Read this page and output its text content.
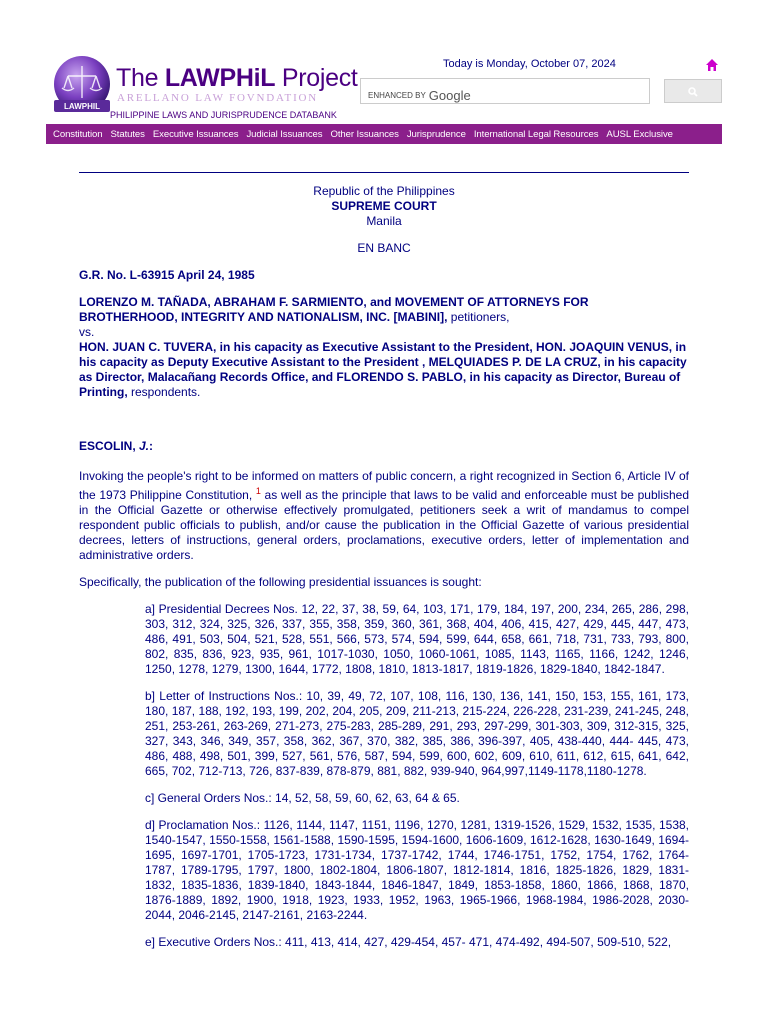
LAWPHIL
The LAWPHiL Project
ARELLANO LAW FOVNDATION
PHILIPPINE LAWS AND JURISPRUDENCE DATABANK
Today is Monday, October 07, 2024
ENHANCED BY Google
Constitution Statutes Executive Issuances Judicial Issuances Other Issuances Jurisprudence International Legal Resources AUSL Exclusive
Republic of the Philippines
SUPREME COURT
Manila
EN BANC
G.R. No. L-63915 April 24, 1985
LORENZO M. TAÑADA, ABRAHAM F. SARMIENTO, and MOVEMENT OF ATTORNEYS FOR BROTHERHOOD, INTEGRITY AND NATIONALISM, INC. [MABINI], petitioners,
vs.
HON. JUAN C. TUVERA, in his capacity as Executive Assistant to the President, HON. JOAQUIN VENUS, in his capacity as Deputy Executive Assistant to the President , MELQUIADES P. DE LA CRUZ, in his capacity as Director, Malacañang Records Office, and FLORENDO S. PABLO, in his capacity as Director, Bureau of Printing, respondents.
ESCOLIN, J.:

Invoking the people's right to be informed on matters of public concern, a right recognized in Section 6, Article IV of the 1973 Philippine Constitution, $^1$ as well as the principle that laws to be valid and enforceable must be published in the Official Gazette or otherwise effectively promulgated, petitioners seek a writ of mandamus to compel respondent public officials to publish, and/or cause the publication in the Official Gazette of various presidential decrees, letters of instructions, general orders, proclamations, executive orders, letter of implementation and administrative orders.

Specifically, the publication of the following presidential issuances is sought:

a] Presidential Decrees Nos. 12, 22, 37, 38, 59, 64, 103, 171, 179, 184, 197, 200, 234, 265, 286, 298, 303, 312, 324, 325, 326, 337, 355, 358, 359, 360, 361, 368, 404, 406, 415, 427, 429, 445, 447, 473, 486, 491, 503, 504, 521, 528, 551, 566, 573, 574, 594, 599, 644, 658, 661, 718, 731, 733, 793, 800, 802, 835, 836, 923, 935, 961, 1017-1030, 1050, 1060-1061, 1085, 1143, 1165, 1166, 1242, 1246, 1250, 1278, 1279, 1300, 1644, 1772, 1808, 1810, 1813-1817, 1819-1826, 1829-1840, 1842-1847.

b] Letter of Instructions Nos.: 10, 39, 49, 72, 107, 108, 116, 130, 136, 141, 150, 153, 155, 161, 173, 180, 187, 188, 192, 193, 199, 202, 204, 205, 209, 211-213, 215-224, 226-228, 231-239, 241-245, 248, 251, 253-261, 263-269, 271-273, 275-283, 285-289, 291, 293, 297-299, 301-303, 309, 312-315, 325, 327, 343, 346, 349, 357, 358, 362, 367, 370, 382, 385, 386, 396-397, 405, 438-440, 444- 445, 473, 486, 488, 498, 501, 399, 527, 561, 576, 587, 594, 599, 600, 602, 609, 610, 611, 612, 615, 641, 642, 665, 702, 712-713, 726, 837-839, 878-879, 881, 882, 939-940, 964,997,1149-1178,1180-1278.

c] General Orders Nos.: 14, 52, 58, 59, 60, 62, 63, 64 & 65.

d] Proclamation Nos.: 1126, 1144, 1147, 1151, 1196, 1270, 1281, 1319-1526, 1529, 1532, 1535, 1538, 1540-1547, 1550-1558, 1561-1588, 1590-1595, 1594-1600, 1606-1609, 1612-1628, 1630-1649, 1694-1695, 1697-1701, 1705-1723, 1731-1734, 1737-1742, 1744, 1746-1751, 1752, 1754, 1762, 1764-1787, 1789-1795, 1797, 1800, 1802-1804, 1806-1807, 1812-1814, 1816, 1825-1826, 1829, 1831-1832, 1835-1836, 1839-1840, 1843-1844, 1846-1847, 1849, 1853-1858, 1860, 1866, 1868, 1870, 1876-1889, 1892, 1900, 1918, 1923, 1933, 1952, 1963, 1965-1966, 1968-1984, 1986-2028, 2030-2044, 2046-2145, 2147-2161, 2163-2244.

e] Executive Orders Nos.: 411, 413, 414, 427, 429-454, 457- 471, 474-492, 494-507, 509-510, 522,
